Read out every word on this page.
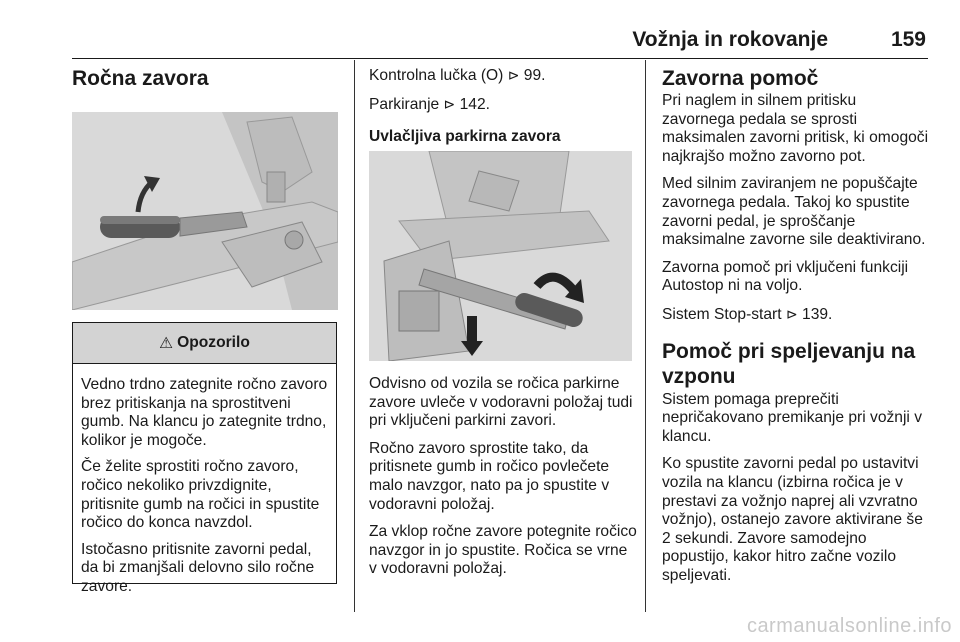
Vožnja in rokovanje	159
Ročna zavora
⚠ Opozorilo

Vedno trdno zategnite ročno zavoro brez pritiskanja na sprostitveni gumb. Na klancu jo zategnite trdno, kolikor je mogoče.

Če želite sprostiti ročno zavoro, ročico nekoliko privzdignite, pritisnite gumb na ročici in spustite ročico do konca navzdol.

Istočasno pritisnite zavorni pedal, da bi zmanjšali delovno silo ročne zavore.

Kontrolna lučka (O) ⊳ 99.

Parkiranje ⊳ 142.

Uvlačljiva parkirna zavora

Odvisno od vozila se ročica parkirne zavore uvleče v vodoravni položaj tudi pri vključeni parkirni zavori.

Ročno zavoro sprostite tako, da pritisnete gumb in ročico povlečete malo navzgor, nato pa jo spustite v vodoravni položaj.

Za vklop ročne zavore potegnite ročico navzgor in jo spustite. Ročica se vrne v vodoravni položaj.

Zavorna pomoč

Pri naglem in silnem pritisku zavornega pedala se sprosti maksimalen zavorni pritisk, ki omogoči najkrajšo možno zavorno pot.

Med silnim zaviranjem ne popuščajte zavornega pedala. Takoj ko spustite zavorni pedal, je sproščanje maksimalne zavorne sile deaktivirano.

Zavorna pomoč pri vključeni funkciji Autostop ni na voljo.

Sistem Stop-start ⊳ 139.

Pomoč pri speljevanju na vzponu

Sistem pomaga preprečiti nepričakovano premikanje pri vožnji v klancu.

Ko spustite zavorni pedal po ustavitvi vozila na klancu (izbirna ročica je v prestavi za vožnjo naprej ali vzvratno vožnjo), ostanejo zavore aktivirane še 2 sekundi. Zavore samodejno popustijo, kakor hitro začne vozilo speljevati.

carmanualsonline.info
